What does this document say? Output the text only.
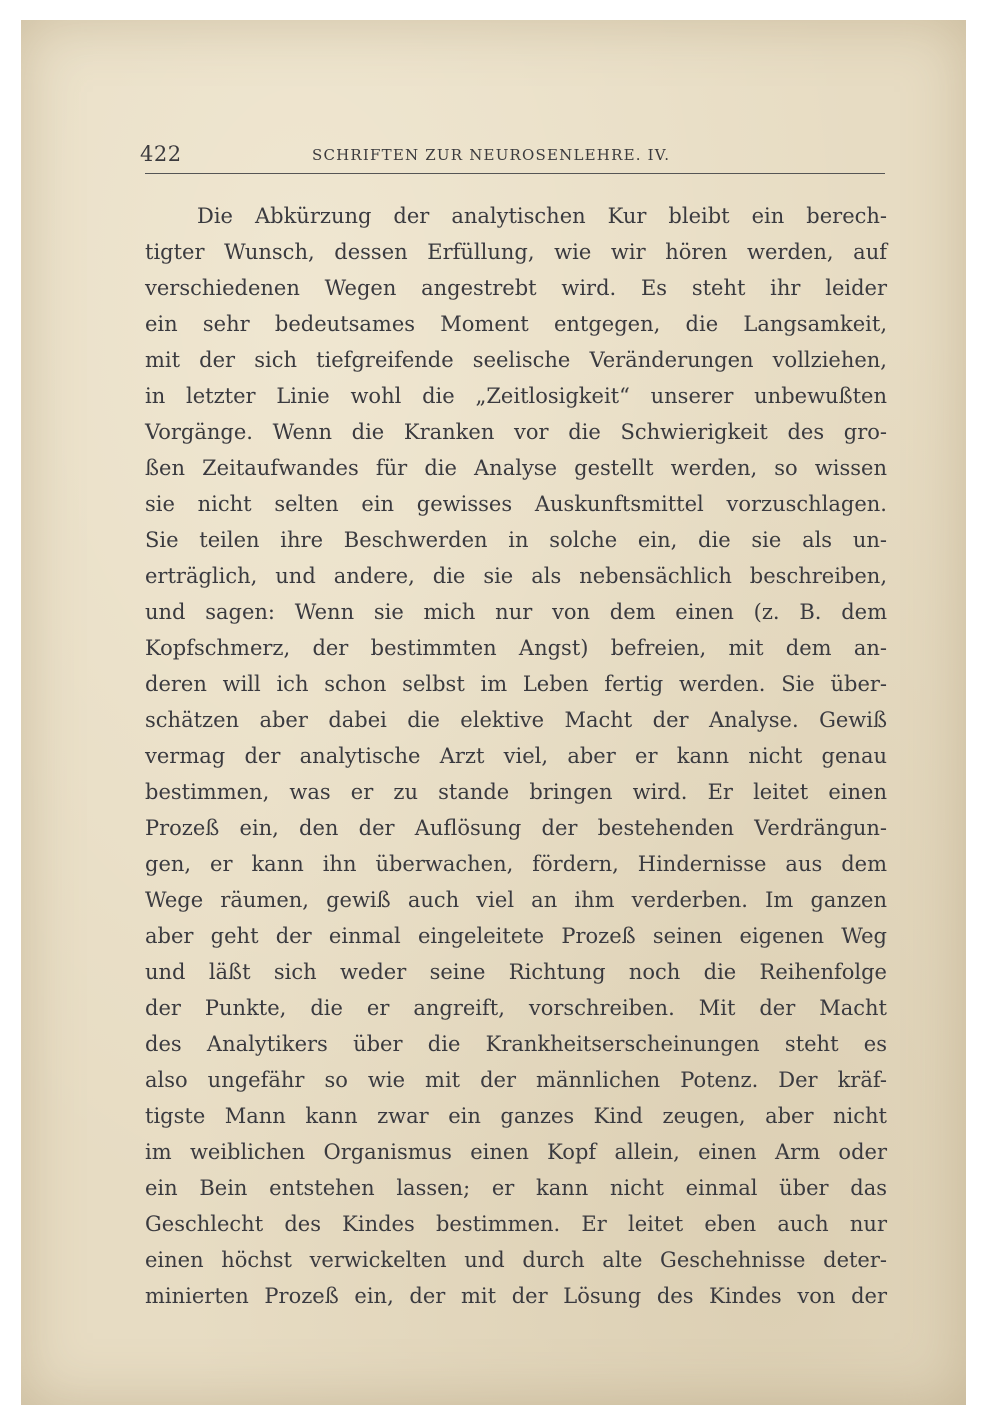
422	SCHRIFTEN ZUR NEUROSENLEHRE. IV.
Die Abkürzung der analytischen Kur bleibt ein berech-
tigter Wunsch, dessen Erfüllung, wie wir hören werden, auf
verschiedenen Wegen angestrebt wird. Es steht ihr leider
ein sehr bedeutsames Moment entgegen, die Langsamkeit,
mit der sich tiefgreifende seelische Veränderungen vollziehen,
in letzter Linie wohl die „Zeitlosigkeit“ unserer unbewußten
Vorgänge. Wenn die Kranken vor die Schwierigkeit des gro-
ßen Zeitaufwandes für die Analyse gestellt werden, so wissen
sie nicht selten ein gewisses Auskunftsmittel vorzuschlagen.
Sie teilen ihre Beschwerden in solche ein, die sie als un-
erträglich, und andere, die sie als nebensächlich beschreiben,
und sagen: Wenn sie mich nur von dem einen (z. B. dem
Kopfschmerz, der bestimmten Angst) befreien, mit dem an-
deren will ich schon selbst im Leben fertig werden. Sie über-
schätzen aber dabei die elektive Macht der Analyse. Gewiß
vermag der analytische Arzt viel, aber er kann nicht genau
bestimmen, was er zu stande bringen wird. Er leitet einen
Prozeß ein, den der Auflösung der bestehenden Verdrängun-
gen, er kann ihn überwachen, fördern, Hindernisse aus dem
Wege räumen, gewiß auch viel an ihm verderben. Im ganzen
aber geht der einmal eingeleitete Prozeß seinen eigenen Weg
und läßt sich weder seine Richtung noch die Reihenfolge
der Punkte, die er angreift, vorschreiben. Mit der Macht
des Analytikers über die Krankheitserscheinungen steht es
also ungefähr so wie mit der männlichen Potenz. Der kräf-
tigste Mann kann zwar ein ganzes Kind zeugen, aber nicht
im weiblichen Organismus einen Kopf allein, einen Arm oder
ein Bein entstehen lassen; er kann nicht einmal über das
Geschlecht des Kindes bestimmen. Er leitet eben auch nur
einen höchst verwickelten und durch alte Geschehnisse deter-
minierten Prozeß ein, der mit der Lösung des Kindes von der
